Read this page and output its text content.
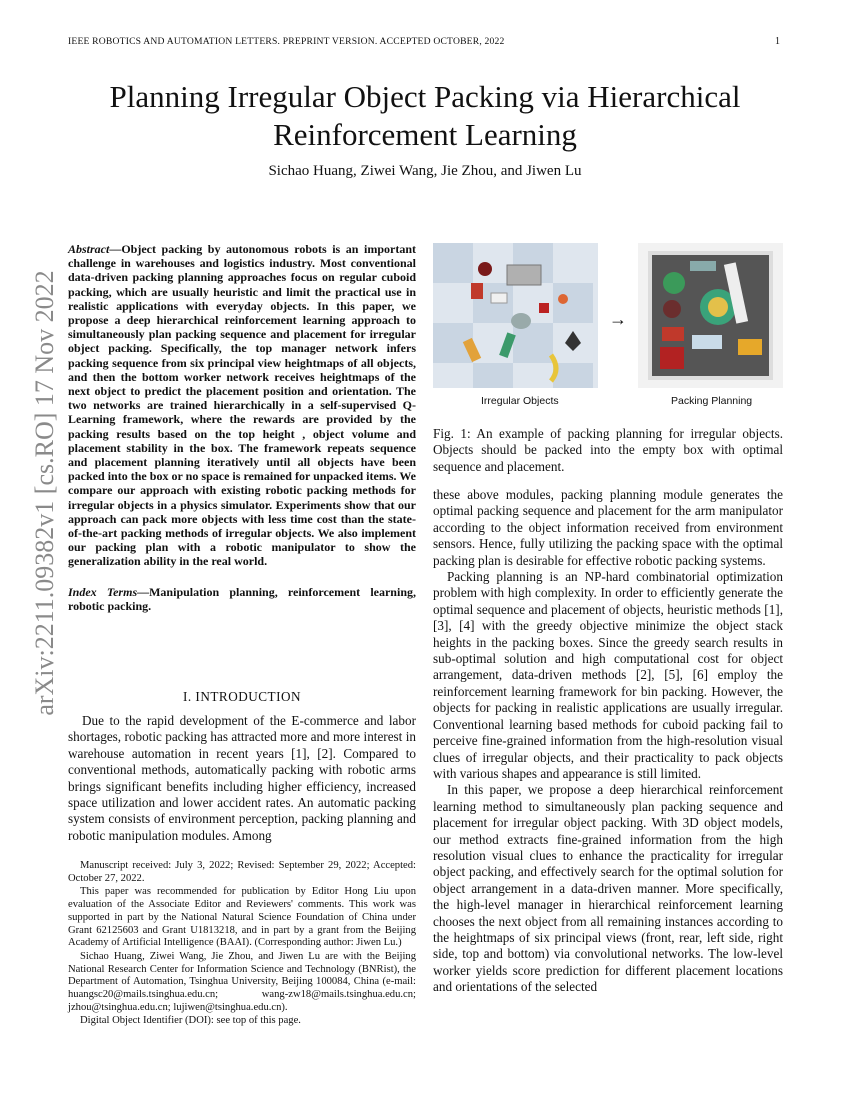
IEEE ROBOTICS AND AUTOMATION LETTERS. PREPRINT VERSION. ACCEPTED OCTOBER, 2022	1
arXiv:2211.09382v1 [cs.RO] 17 Nov 2022
Planning Irregular Object Packing via Hierarchical
Reinforcement Learning
Sichao Huang, Ziwei Wang, Jie Zhou, and Jiwen Lu
Abstract—Object packing by autonomous robots is an important challenge in warehouses and logistics industry. Most conventional data-driven packing planning approaches focus on regular cuboid packing, which are usually heuristic and limit the practical use in realistic applications with everyday objects. In this paper, we propose a deep hierarchical reinforcement learning approach to simultaneously plan packing sequence and placement for irregular object packing. Specifically, the top manager network infers packing sequence from six principal view heightmaps of all objects, and then the bottom worker network receives heightmaps of the next object to predict the placement position and orientation. The two networks are trained hierarchically in a self-supervised Q-Learning framework, where the rewards are provided by the packing results based on the top height , object volume and placement stability in the box. The framework repeats sequence and placement planning iteratively until all objects have been packed into the box or no space is remained for unpacked items. We compare our approach with existing robotic packing methods for irregular objects in a physics simulator. Experiments show that our approach can pack more objects with less time cost than the state-of-the-art packing methods of irregular objects. We also implement our packing plan with a robotic manipulator to show the generalization ability in the real world.
Index Terms—Manipulation planning, reinforcement learning, robotic packing.
I. INTRODUCTION

Due to the rapid development of the E-commerce and labor shortages, robotic packing has attracted more and more interest in warehouse automation in recent years [1], [2]. Compared to conventional methods, automatically packing with robotic arms brings significant benefits including higher efficiency, increased space utilization and lower accident rates. An automatic packing system consists of environment perception, packing planning and robotic manipulation modules. Among

Manuscript received: July 3, 2022; Revised: September 29, 2022; Accepted: October 27, 2022.

This paper was recommended for publication by Editor Hong Liu upon evaluation of the Associate Editor and Reviewers' comments. This work was supported in part by the National Natural Science Foundation of China under Grant 62125603 and Grant U1813218, and in part by a grant from the Beijing Academy of Artificial Intelligence (BAAI). (Corresponding author: Jiwen Lu.)

Sichao Huang, Ziwei Wang, Jie Zhou, and Jiwen Lu are with the Beijing National Research Center for Information Science and Technology (BNRist), the Department of Automation, Tsinghua University, Beijing 100084, China (e-mail: huangsc20@mails.tsinghua.edu.cn; wang-zw18@mails.tsinghua.edu.cn; jzhou@tsinghua.edu.cn; lujiwen@tsinghua.edu.cn).

Digital Object Identifier (DOI): see top of this page.

→
Irregular Objects	Packing Planning
Fig. 1: An example of packing planning for irregular objects. Objects should be packed into the empty box with optimal sequence and placement.

these above modules, packing planning module generates the optimal packing sequence and placement for the arm manipulator according to the object information received from environment sensors. Hence, fully utilizing the packing space with the optimal packing plan is desirable for effective robotic packing systems.

Packing planning is an NP-hard combinatorial optimization problem with high complexity. In order to efficiently generate the optimal sequence and placement of objects, heuristic methods [1], [3], [4] with the greedy objective minimize the object stack heights in the packing boxes. Since the greedy search results in sub-optimal solution and high computational cost for object arrangement, data-driven methods [2], [5], [6] employ the reinforcement learning framework for bin packing. However, the objects for packing in realistic applications are usually irregular. Conventional learning based methods for cuboid packing fail to perceive fine-grained information from the high-resolution visual clues of irregular objects, and their practicality to pack objects with various shapes and appearance is still limited.

In this paper, we propose a deep hierarchical reinforcement learning method to simultaneously plan packing sequence and placement for irregular object packing. With 3D object models, our method extracts fine-grained information from the high resolution visual clues to enhance the practicality for irregular object packing, and effectively search for the optimal solution for object arrangement in a data-driven manner. More specifically, the high-level manager in hierarchical reinforcement learning chooses the next object from all remaining instances according to the heightmaps of six principal views (front, rear, left side, right side, top and bottom) via convolutional networks. The low-level worker yields score prediction for different placement locations and orientations of the selected
